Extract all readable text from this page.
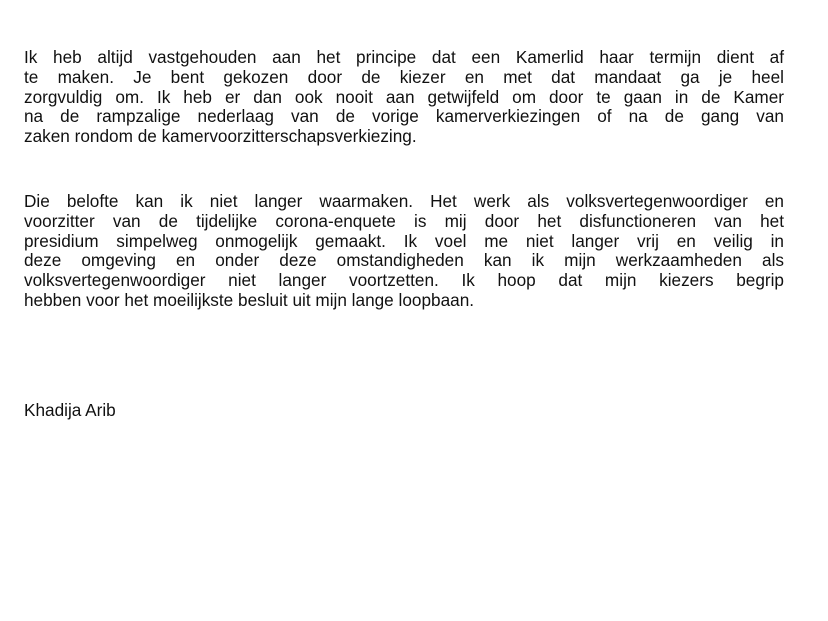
Ik heb altijd vastgehouden aan het principe dat een Kamerlid haar termijn dient af
te maken. Je bent gekozen door de kiezer en met dat mandaat ga je heel
zorgvuldig om. Ik heb er dan ook nooit aan getwijfeld om door te gaan in de Kamer
na de rampzalige nederlaag van de vorige kamerverkiezingen of na de gang van
zaken rondom de kamervoorzitterschapsverkiezing.

Die belofte kan ik niet langer waarmaken. Het werk als volksvertegenwoordiger en
voorzitter van de tijdelijke corona-enquete is mij door het disfunctioneren van het
presidium simpelweg onmogelijk gemaakt. Ik voel me niet langer vrij en veilig in
deze omgeving en onder deze omstandigheden kan ik mijn werkzaamheden als
volksvertegenwoordiger niet langer voortzetten. Ik hoop dat mijn kiezers begrip
hebben voor het moeilijkste besluit uit mijn lange loopbaan.

Khadija Arib
